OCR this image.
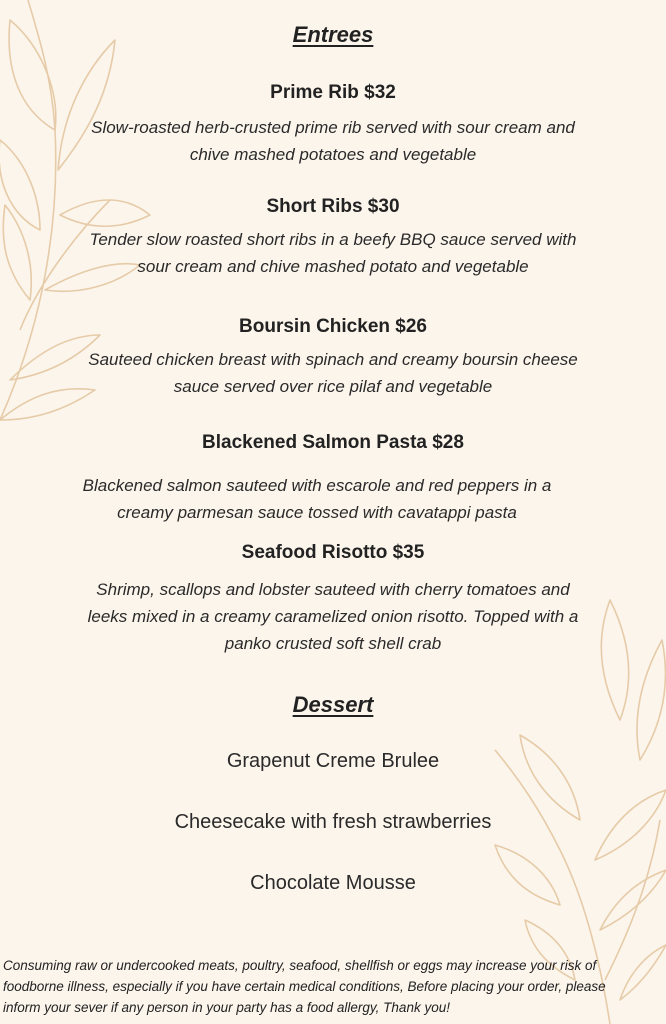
Entrees

Prime Rib $32

Slow-roasted herb-crusted prime rib served with sour cream and
chive mashed potatoes and vegetable

Short Ribs $30

Tender slow roasted short ribs in a beefy BBQ sauce served with
sour cream and chive mashed potato and vegetable

Boursin Chicken $26

Sauteed chicken breast with spinach and creamy boursin cheese
sauce served over rice pilaf and vegetable

Blackened Salmon Pasta $28

Blackened salmon sauteed with escarole and red peppers in a
creamy parmesan sauce tossed with cavatappi pasta

Seafood Risotto $35

Shrimp, scallops and lobster sauteed with cherry tomatoes and
leeks mixed in a creamy caramelized onion risotto. Topped with a
panko crusted soft shell crab

Dessert

Grapenut Creme Brulee

Cheesecake with fresh strawberries

Chocolate Mousse

Consuming raw or undercooked meats, poultry, seafood, shellfish or eggs may increase your risk of
foodborne illness, especially if you have certain medical conditions, Before placing your order, please
inform your sever if any person in your party has a food allergy, Thank you!
